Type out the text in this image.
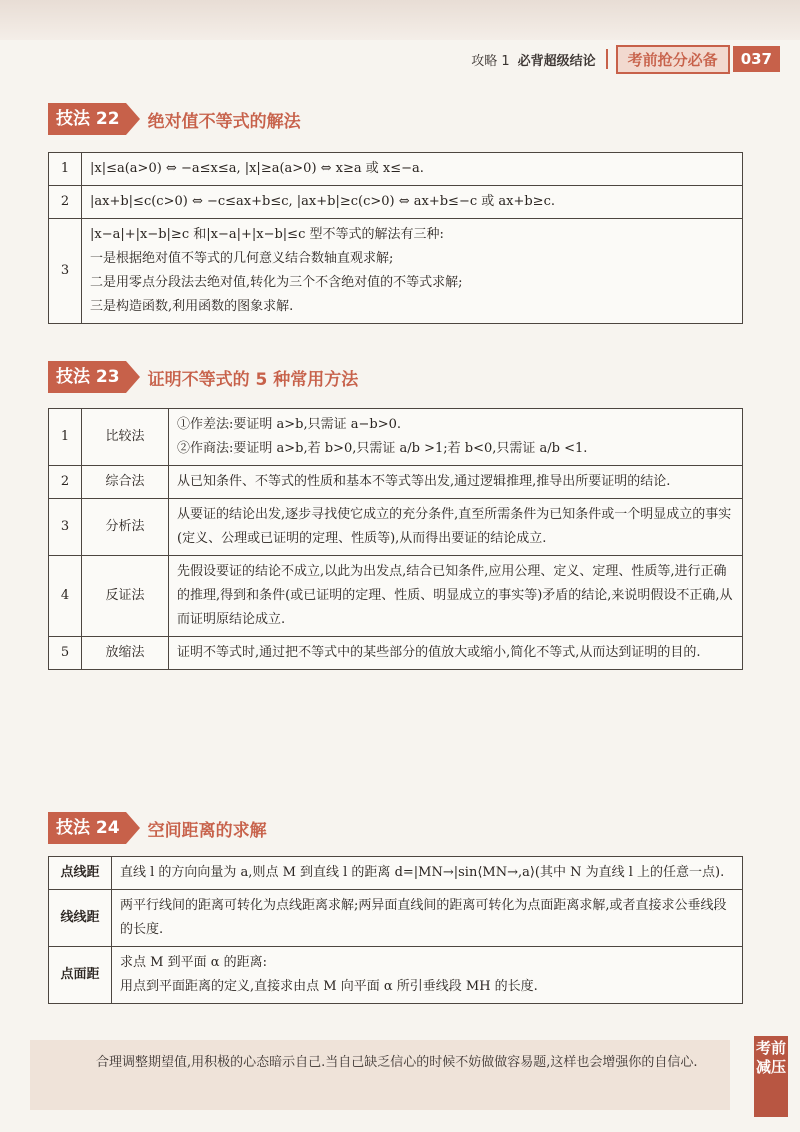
攻略 1 必背超级结论	考前抢分必备	037
技法 22	绝对值不等式的解法
1	|x|≤a(a>0) ⇔ −a≤x≤a, |x|≥a(a>0) ⇔ x≥a 或 x≤−a.
2	|ax+b|≤c(c>0) ⇔ −c≤ax+b≤c, |ax+b|≥c(c>0) ⇔ ax+b≤−c 或 ax+b≥c.
3	|x−a|+|x−b|≥c 和|x−a|+|x−b|≤c 型不等式的解法有三种:
一是根据绝对值不等式的几何意义结合数轴直观求解;
二是用零点分段法去绝对值,转化为三个不含绝对值的不等式求解;
三是构造函数,利用函数的图象求解.
技法 23	证明不等式的 5 种常用方法
1	比较法	①作差法:要证明 a>b,只需证 a−b>0.
②作商法:要证明 a>b,若 b>0,只需证 a/b >1;若 b<0,只需证 a/b <1.

2	综合法	从已知条件、不等式的性质和基本不等式等出发,通过逻辑推理,推导出所要证明的结论.
3	分析法	从要证的结论出发,逐步寻找使它成立的充分条件,直至所需条件为已知条件或一个明显成立的事实(定义、公理或已证明的定理、性质等),从而得出要证的结论成立.
4	反证法	先假设要证的结论不成立,以此为出发点,结合已知条件,应用公理、定义、定理、性质等,进行正确的推理,得到和条件(或已证明的定理、性质、明显成立的事实等)矛盾的结论,来说明假设不正确,从而证明原结论成立.
5	放缩法	证明不等式时,通过把不等式中的某些部分的值放大或缩小,简化不等式,从而达到证明的目的.
技法 24	空间距离的求解
点线距	直线 l 的方向向量为 a,则点 M 到直线 l 的距离 d=|MN→|sin⟨MN→,a⟩(其中 N 为直线 l 上的任意一点).
线线距	两平行线间的距离可转化为点线距离求解;两异面直线间的距离可转化为点面距离求解,或者直接求公垂线段的长度.
点面距	求点 M 到平面 α 的距离:
用点到平面距离的定义,直接求由点 M 向平面 α 所引垂线段 MH 的长度.
合理调整期望值,用积极的心态暗示自己.当自己缺乏信心的时候不妨做做容易题,这样也会增强你的自信心.
考前减压
